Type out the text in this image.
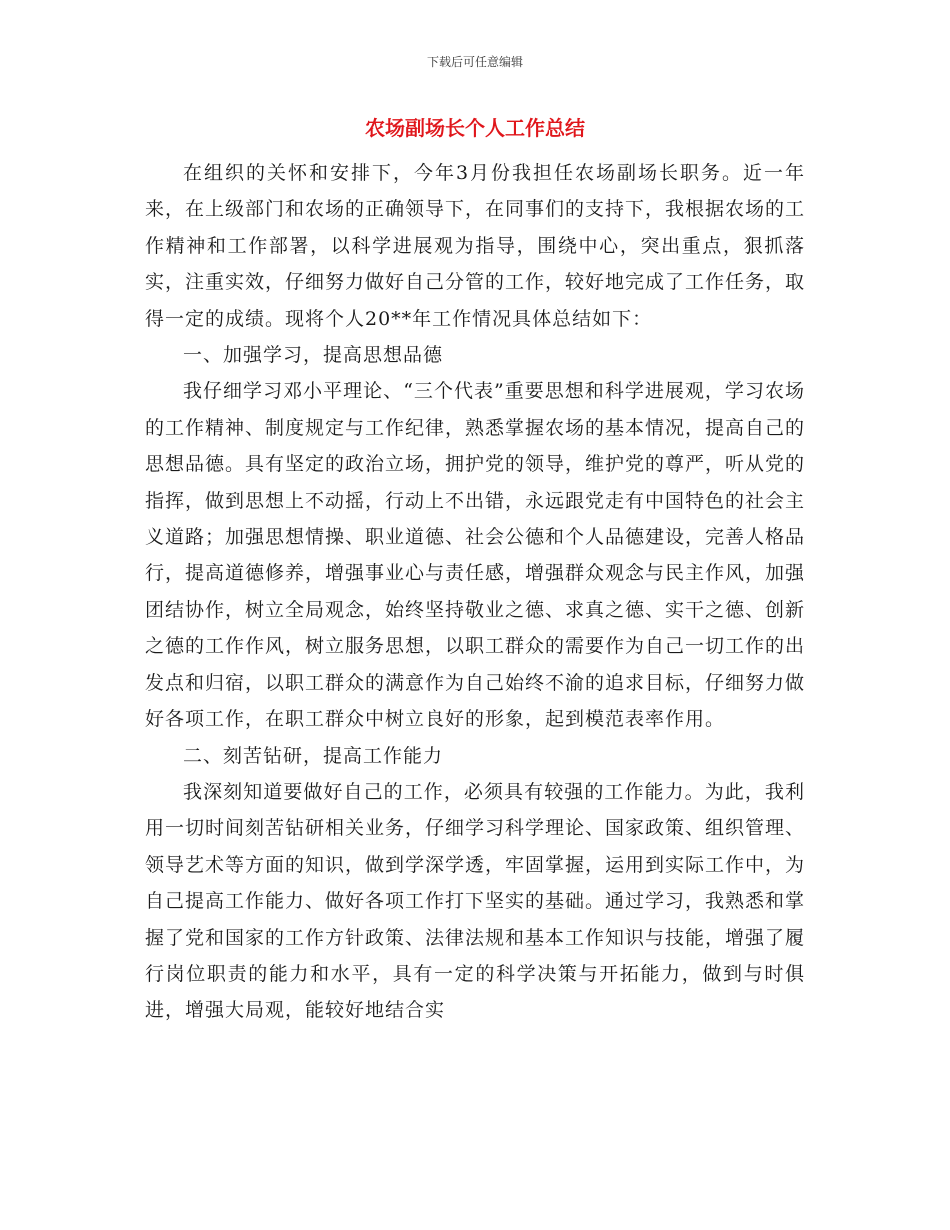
下载后可任意编辑
农场副场长个人工作总结

在组织的关怀和安排下，今年3月份我担任农场副场长职务。近一年来，在上级部门和农场的正确领导下，在同事们的支持下，我根据农场的工作精神和工作部署，以科学进展观为指导，围绕中心，突出重点，狠抓落实，注重实效，仔细努力做好自己分管的工作，较好地完成了工作任务，取得一定的成绩。现将个人20**年工作情况具体总结如下：

一、加强学习，提高思想品德

我仔细学习邓小平理论、“三个代表”重要思想和科学进展观，学习农场的工作精神、制度规定与工作纪律，熟悉掌握农场的基本情况，提高自己的思想品德。具有坚定的政治立场，拥护党的领导，维护党的尊严，听从党的指挥，做到思想上不动摇，行动上不出错，永远跟党走有中国特色的社会主义道路；加强思想情操、职业道德、社会公德和个人品德建设，完善人格品行，提高道德修养，增强事业心与责任感，增强群众观念与民主作风，加强团结协作，树立全局观念，始终坚持敬业之德、求真之德、实干之德、创新之德的工作作风，树立服务思想，以职工群众的需要作为自己一切工作的出发点和归宿，以职工群众的满意作为自己始终不渝的追求目标，仔细努力做好各项工作，在职工群众中树立良好的形象，起到模范表率作用。

二、刻苦钻研，提高工作能力

我深刻知道要做好自己的工作，必须具有较强的工作能力。为此，我利用一切时间刻苦钻研相关业务，仔细学习科学理论、国家政策、组织管理、领导艺术等方面的知识，做到学深学透，牢固掌握，运用到实际工作中，为自己提高工作能力、做好各项工作打下坚实的基础。通过学习，我熟悉和掌握了党和国家的工作方针政策、法律法规和基本工作知识与技能，增强了履行岗位职责的能力和水平，具有一定的科学决策与开拓能力，做到与时俱进，增强大局观，能较好地结合实
